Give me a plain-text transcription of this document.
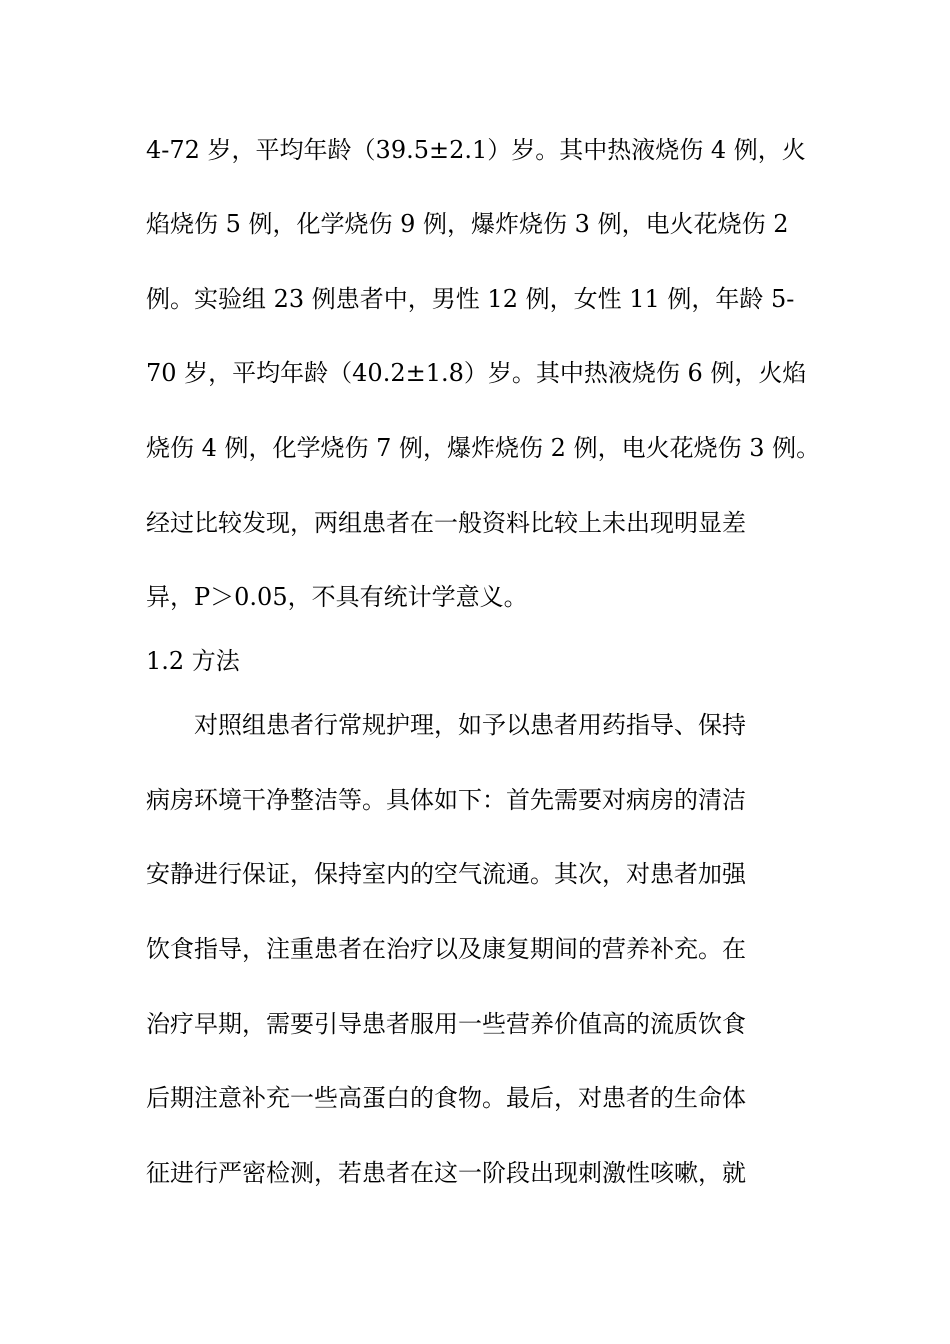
4-72 岁，平均年龄（39.5±2.1）岁。其中热液烧伤 4 例，火
焰烧伤 5 例，化学烧伤 9 例，爆炸烧伤 3 例，电火花烧伤 2
例。实验组 23 例患者中，男性 12 例，女性 11 例，年龄 5-
70 岁，平均年龄（40.2±1.8）岁。其中热液烧伤 6 例，火焰
烧伤 4 例，化学烧伤 7 例，爆炸烧伤 2 例，电火花烧伤 3 例。
经过比较发现，两组患者在一般资料比较上未出现明显差
异，P＞0.05，不具有统计学意义。
1.2 方法
对照组患者行常规护理，如予以患者用药指导、保持
病房环境干净整洁等。具体如下：首先需要对病房的清洁
安静进行保证，保持室内的空气流通。其次，对患者加强
饮食指导，注重患者在治疗以及康复期间的营养补充。在
治疗早期，需要引导患者服用一些营养价值高的流质饮食
后期注意补充一些高蛋白的食物。最后，对患者的生命体
征进行严密检测，若患者在这一阶段出现刺激性咳嗽，就
